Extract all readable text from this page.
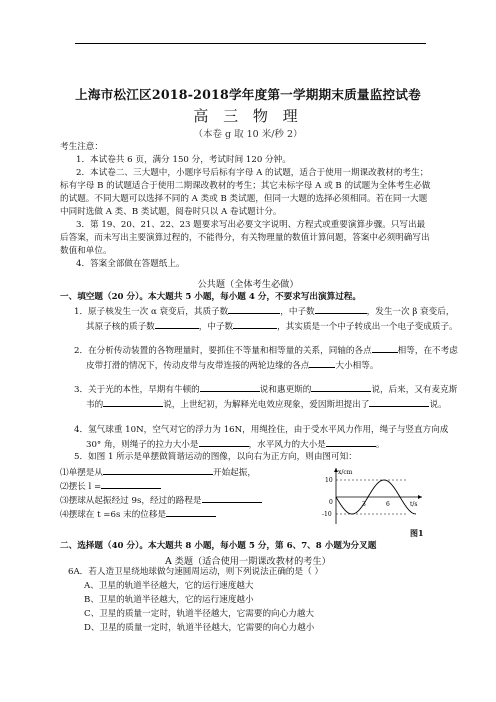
上海市松江区2018-2018学年度第一学期期末质量监控试卷
高 三 物 理
（本卷 g 取 10 米/秒 2）
考生注意：
1．本试卷共 6 页，满分 150 分，考试时间 120 分钟。
2．本试卷二、三大题中，小题序号后标有字母 A 的试题，适合于使用一期课改教材的考生；标有字母 B 的试题适合于使用二期课改教材的考生；其它未标字母 A 或 B 的试题为全体考生必做的试题。不同大题可以选择不同的 A 类或 B 类试题，但同一大题的选择必须相同。若在同一大题中同时选做 A 类、B 类试题，阅卷时只以 A 卷试题计分。
3．第 19、20、21、22、23 题要求写出必要文字说明、方程式或重要演算步骤。只写出最后答案，而未写出主要演算过程的，不能得分，有关物理量的数值计算问题，答案中必须明确写出数值和单位。
4．答案全部做在答题纸上。
公共题（全体考生必做）
一、填空题（20 分）。本大题共 5 小题，每小题 4 分，不要求写出演算过程。
1．原子核发生一次 α 衰变后，其质子数	，中子数	，发生一次 β 衰变后，其原子核的质子数	，中子数	，其实质是一个中子转成出一个电子变成质子。
2．在分析传动装置的各物理量时，要抓住不等量和相等量的关系，同轴的各点	相等，在不考虑皮带打滑的情况下，传动皮带与皮带连接的两轮边缘的各点	大小相等。
3．关于光的本性，早期有牛顿的	说和惠更斯的	说，后来，又有麦克斯韦的	说，上世纪初，为解释光电效应现象，爱因斯坦提出了	说。
4．氢气球重 10N，空气对它的浮力为 16N，用绳拴住，由于受水平风力作用，绳子与竖直方向成 30° 角，则绳子的拉力大小是	，水平风力的大小是	。
5．如图 1 所示是单摆做简谐运动的图像，以向右为正方向，则由图可知：
⑴单摆是从	开始起振，
⑵摆长 l =
⑶摆球从起振经过 9s，经过的路程是
⑷摆球在 t =6s 末的位移是
x/cm
t/s
10
-10
0	3	6
图1
二、选择题（40 分）。本大题共 8 小题，每小题 5 分，第 6、7、8 小题为分叉题
A 类题（适合使用一期课改教材的考生）
6A．若人造卫星绕地球做匀速圆周运动，则下列说法正确的是（ ）
A、卫星的轨道半径越大，它的运行速度越大
B、卫星的轨道半径越大，它的运行速度越小
C、卫星的质量一定时，轨道半径越大，它需要的向心力越大
D、卫星的质量一定时，轨道半径越大，它需要的向心力越小
